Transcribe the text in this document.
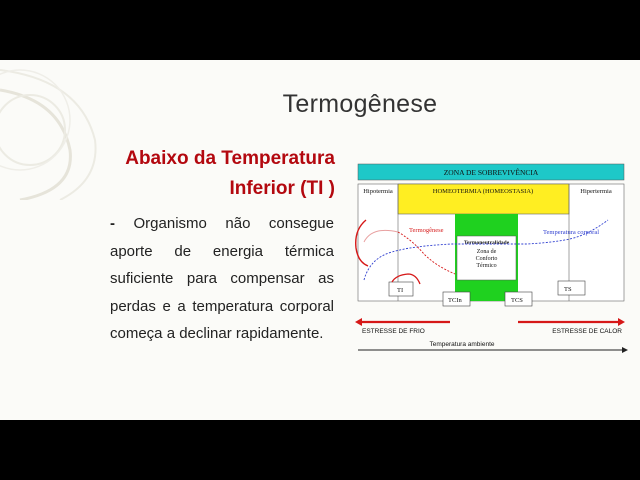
Termogênese
Abaixo da Temperatura
Inferior (TI )
- Organismo não consegue aporte de energia térmica suficiente para compensar as perdas e a temperatura corporal começa a declinar rapidamente.
ZONA DE SOBREVIVÊNCIA
Hipotermia	HOMEOTERMIA (HOMEOSTASIA)	Hipertermia
Termoneutralidade
Zona de
Conforto
Térmico
Temperatura corporal
Termogênese
TI
TCIn	TCS
TS
ESTRESSE DE FRIO	ESTRESSE DE CALOR
Temperatura ambiente
